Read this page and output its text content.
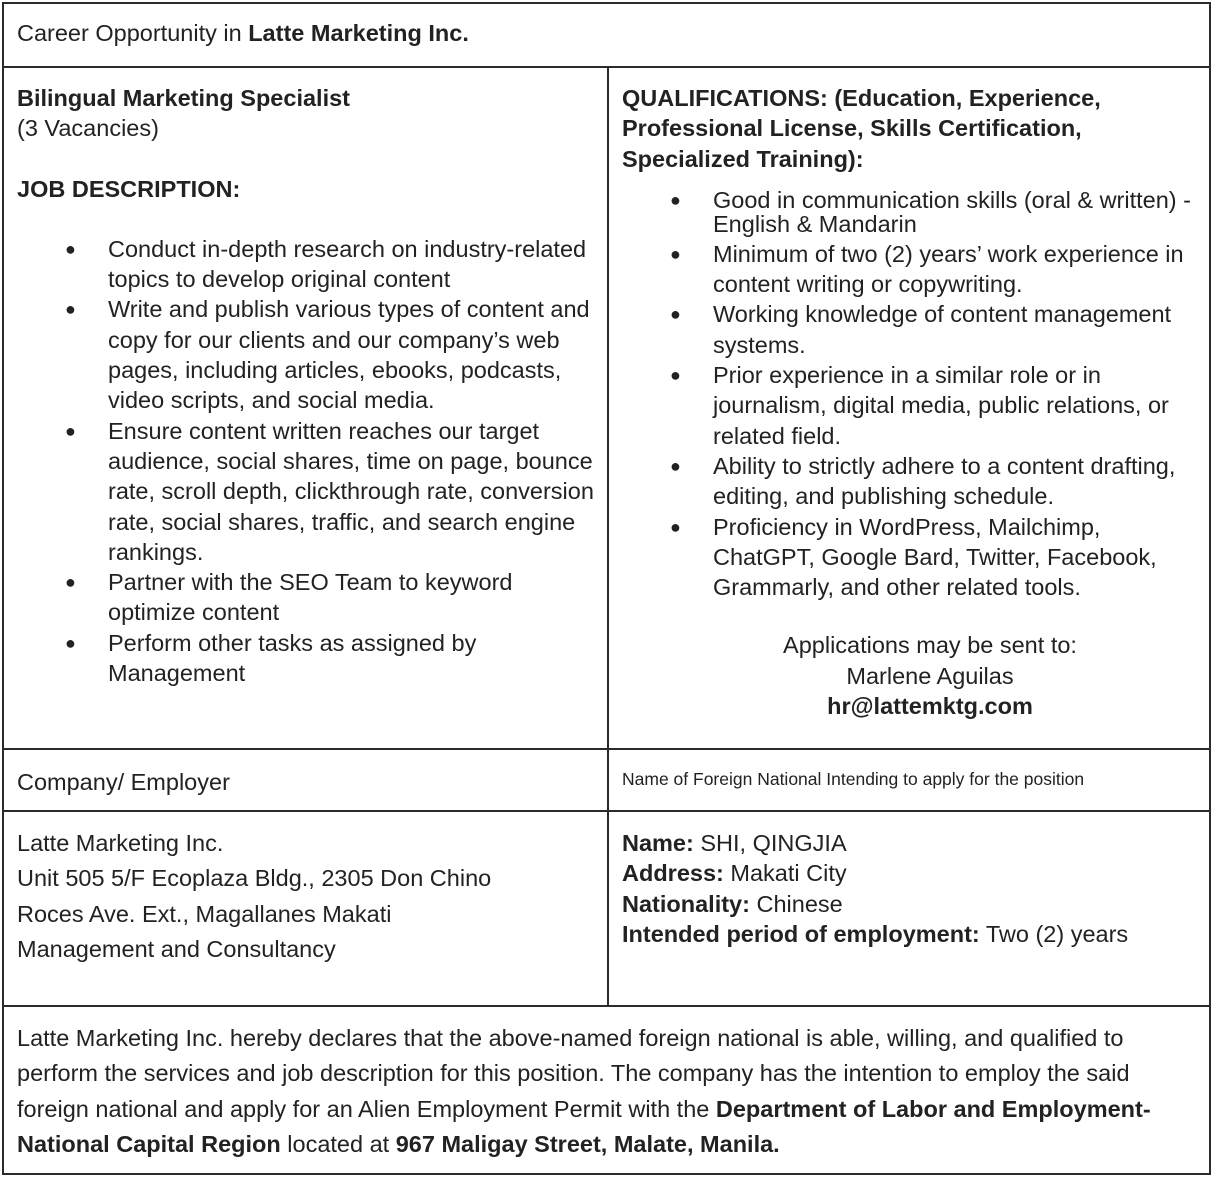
Career Opportunity in Latte Marketing Inc.
Bilingual Marketing Specialist
(3 Vacancies)
JOB DESCRIPTION:
● Conduct in-depth research on industry-related topics to develop original content
● Write and publish various types of content and copy for our clients and our company’s web pages, including articles, ebooks, podcasts, video scripts, and social media.
● Ensure content written reaches our target audience, social shares, time on page, bounce rate, scroll depth, clickthrough rate, conversion rate, social shares, traffic, and search engine rankings.
● Partner with the SEO Team to keyword optimize content
● Perform other tasks as assigned by Management
QUALIFICATIONS: (Education, Experience, Professional License, Skills Certification, Specialized Training):
● Good in communication skills (oral & written) -English & Mandarin
● Minimum of two (2) years’ work experience in content writing or copywriting.
● Working knowledge of content management systems.
● Prior experience in a similar role or in journalism, digital media, public relations, or related field.
● Ability to strictly adhere to a content drafting, editing, and publishing schedule.
● Proficiency in WordPress, Mailchimp, ChatGPT, Google Bard, Twitter, Facebook, Grammarly, and other related tools.
Applications may be sent to:
Marlene Aguilas
hr@lattemktg.com
Company/ Employer	Name of Foreign National Intending to apply for the position
Latte Marketing Inc.
Unit 505 5/F Ecoplaza Bldg., 2305 Don Chino
Roces Ave. Ext., Magallanes Makati
Management and Consultancy
Name: SHI, QINGJIA
Address: Makati City
Nationality: Chinese
Intended period of employment: Two (2) years
Latte Marketing Inc. hereby declares that the above-named foreign national is able, willing, and qualified to perform the services and job description for this position. The company has the intention to employ the said foreign national and apply for an Alien Employment Permit with the Department of Labor and Employment- National Capital Region located at 967 Maligay Street, Malate, Manila.
